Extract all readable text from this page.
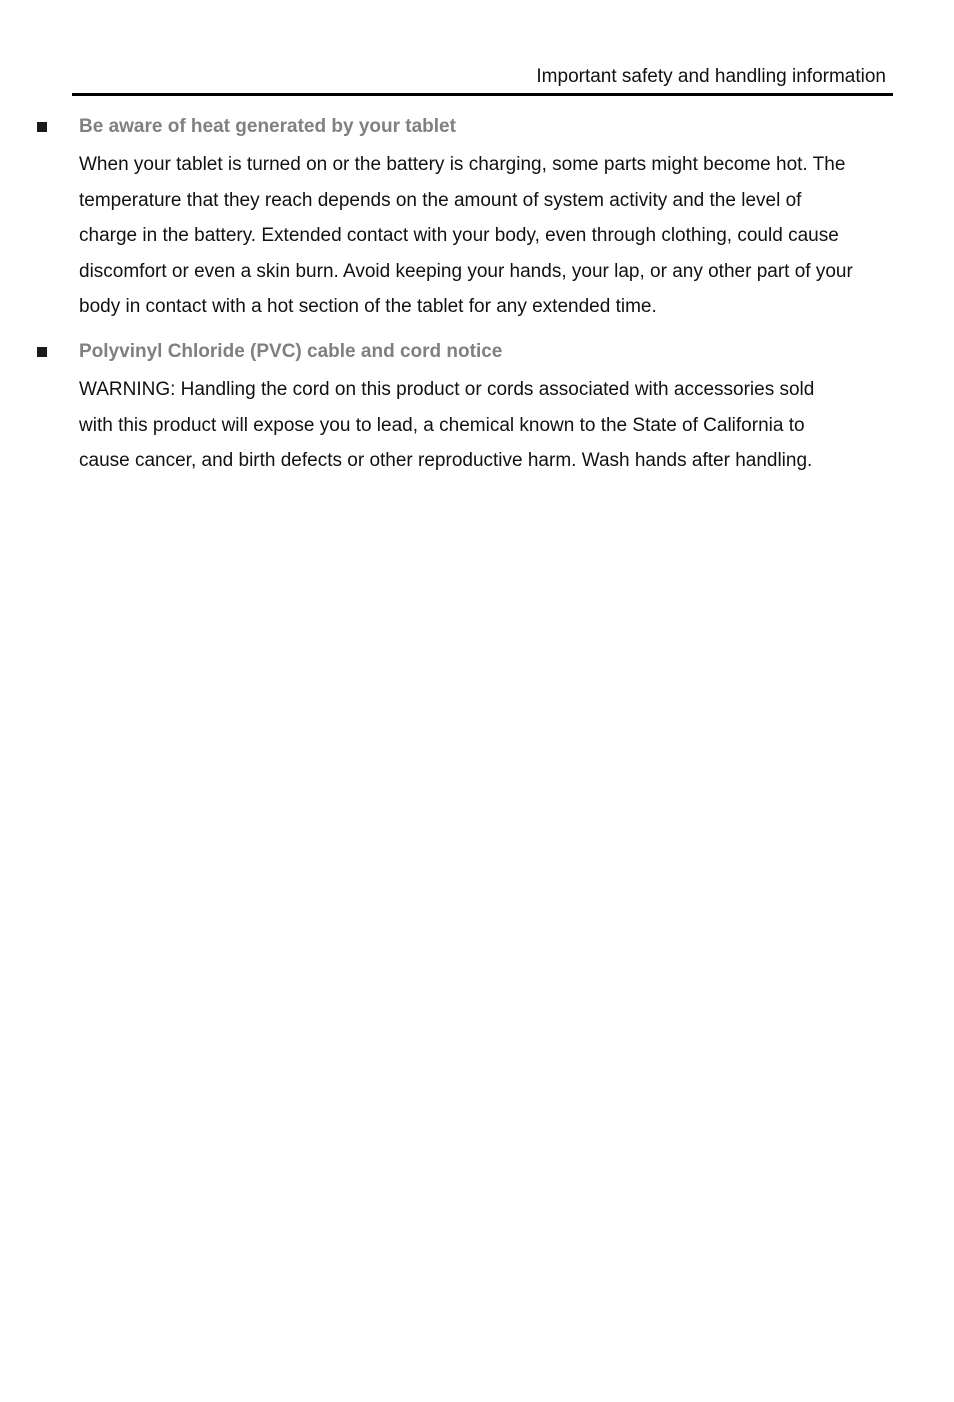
Important safety and handling information
Be aware of heat generated by your tablet

When your tablet is turned on or the battery is charging, some parts might become hot. The
temperature that they reach depends on the amount of system activity and the level of
charge in the battery. Extended contact with your body, even through clothing, could cause
discomfort or even a skin burn. Avoid keeping your hands, your lap, or any other part of your
body in contact with a hot section of the tablet for any extended time.

Polyvinyl Chloride (PVC) cable and cord notice

WARNING: Handling the cord on this product or cords associated with accessories sold
with this product will expose you to lead, a chemical known to the State of California to
cause cancer, and birth defects or other reproductive harm. Wash hands after handling.
